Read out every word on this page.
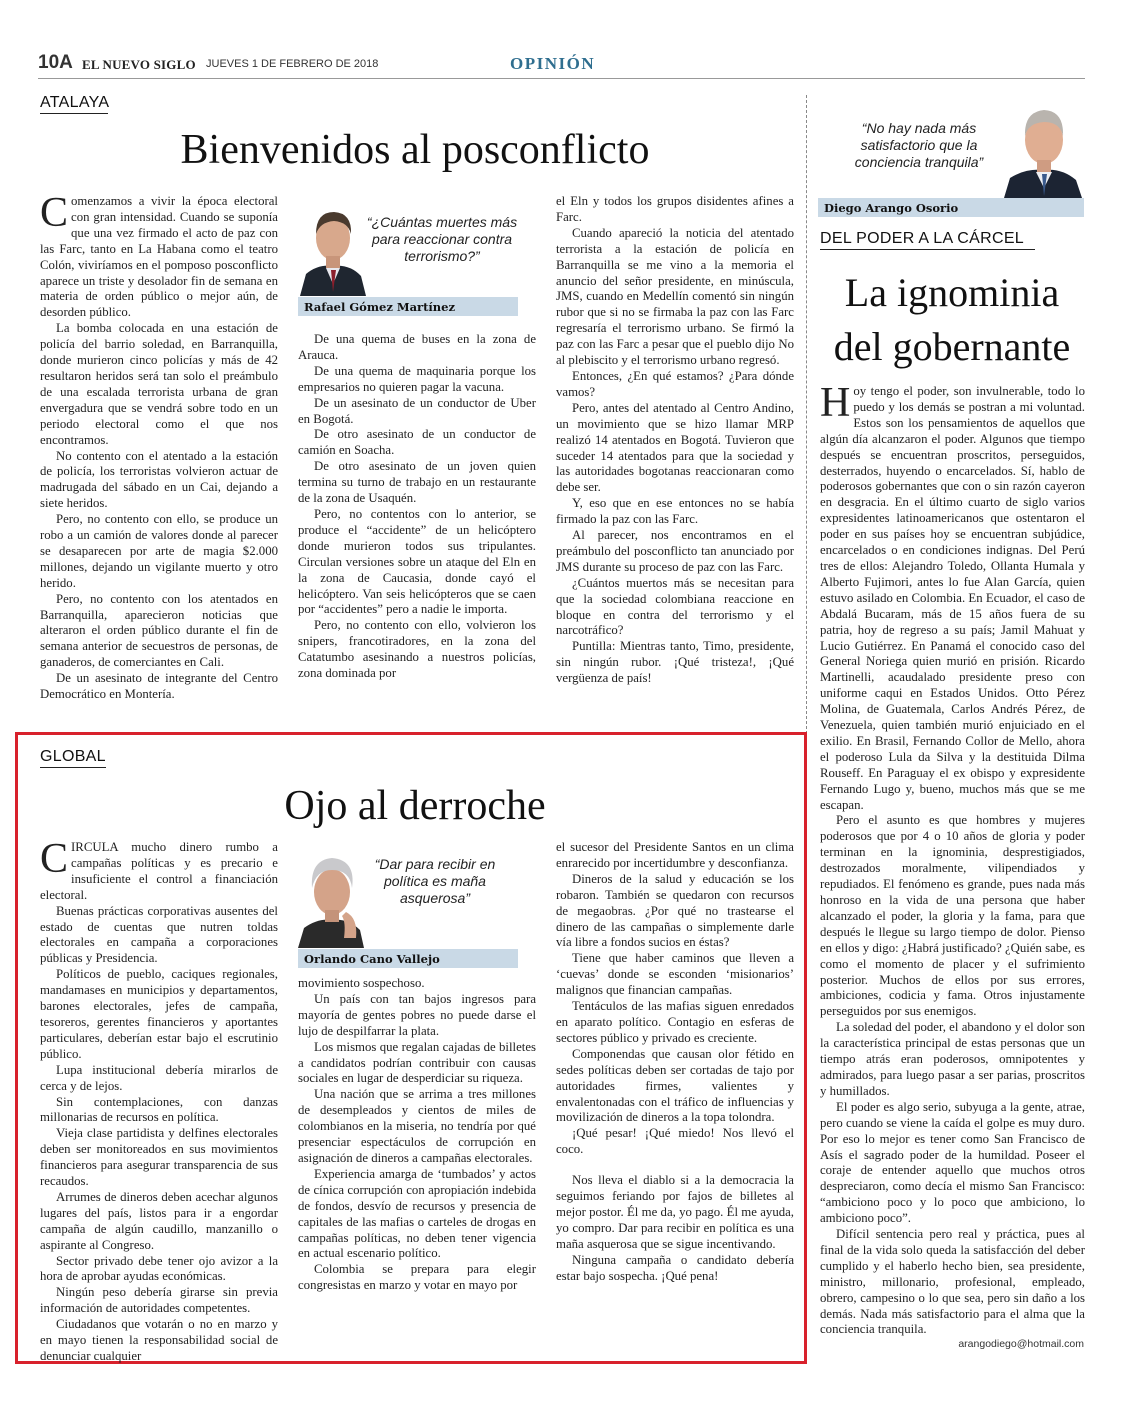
10A EL NUEVO SIGLO JUEVES 1 DE FEBRERO DE 2018	OPINIÓN
ATALAYA
Bienvenidos al posconflicto

Comenzamos a vivir la época electoral con gran intensidad. Cuando se suponía que una vez firmado el acto de paz con las Farc, tanto en La Habana como el teatro Colón, viviríamos en el pomposo posconflicto aparece un triste y desolador fin de semana en materia de orden público o mejor aún, de desorden público.

La bomba colocada en una estación de policía del barrio soledad, en Barranquilla, donde murieron cinco policías y más de 42 resultaron heridos será tan solo el preámbulo de una escalada terrorista urbana de gran envergadura que se vendrá sobre todo en un periodo electoral como el que nos encontramos.

No contento con el atentado a la estación de policía, los terroristas volvieron actuar de madrugada del sábado en un Cai, dejando a siete heridos.

Pero, no contento con ello, se produce un robo a un camión de valores donde al parecer se desaparecen por arte de magia $2.000 millones, dejando un vigilante muerto y otro herido.

Pero, no contento con los atentados en Barranquilla, aparecieron noticias que alteraron el orden público durante el fin de semana anterior de secuestros de personas, de ganaderos, de comerciantes en Cali.

De un asesinato de integrante del Centro Democrático en Montería.

“¿Cuántas muertes más para reaccionar contra terrorismo?”
Rafael Gómez Martínez

De una quema de buses en la zona de Arauca.

De una quema de maquinaria porque los empresarios no quieren pagar la vacuna.

De un asesinato de un conductor de Uber en Bogotá.

De otro asesinato de un conductor de camión en Soacha.

De otro asesinato de un joven quien termina su turno de trabajo en un restaurante de la zona de Usaquén.

Pero, no contentos con lo anterior, se produce el “accidente” de un helicóptero donde murieron todos sus tripulantes. Circulan versiones sobre un ataque del Eln en la zona de Caucasia, donde cayó el helicóptero. Van seis helicópteros que se caen por “accidentes” pero a nadie le importa.

Pero, no contento con ello, volvieron los snipers, francotiradores, en la zona del Catatumbo asesinando a nuestros policías, zona dominada por

el Eln y todos los grupos disidentes afines a Farc.

Cuando apareció la noticia del atentado terrorista a la estación de policía en Barranquilla se me vino a la memoria el anuncio del señor presidente, en minúscula, JMS, cuando en Medellín comentó sin ningún rubor que si no se firmaba la paz con las Farc regresaría el terrorismo urbano. Se firmó la paz con las Farc a pesar que el pueblo dijo No al plebiscito y el terrorismo urbano regresó.

Entonces, ¿En qué estamos? ¿Para dónde vamos?

Pero, antes del atentado al Centro Andino, un movimiento que se hizo llamar MRP realizó 14 atentados en Bogotá. Tuvieron que suceder 14 atentados para que la sociedad y las autoridades bogotanas reaccionaran como debe ser.

Y, eso que en ese entonces no se había firmado la paz con las Farc.

Al parecer, nos encontramos en el preámbulo del posconflicto tan anunciado por JMS durante su proceso de paz con las Farc.

¿Cuántos muertos más se necesitan para que la sociedad colombiana reaccione en bloque en contra del terrorismo y el narcotráfico?

Puntilla: Mientras tanto, Timo, presidente, sin ningún rubor. ¡Qué tristeza!, ¡Qué vergüenza de país!

GLOBAL
Ojo al derroche

CIRCULA mucho dinero rumbo a campañas políticas y es precario e insuficiente el control a financiación electoral.

Buenas prácticas corporativas ausentes del estado de cuentas que nutren toldas electorales en campaña a corporaciones públicas y Presidencia.

Políticos de pueblo, caciques regionales, mandamases en municipios y departamentos, barones electorales, jefes de campaña, tesoreros, gerentes financieros y aportantes particulares, deberían estar bajo el escrutinio público.

Lupa institucional debería mirarlos de cerca y de lejos.

Sin contemplaciones, con danzas millonarias de recursos en política.

Vieja clase partidista y delfines electorales deben ser monitoreados en sus movimientos financieros para asegurar transparencia de sus recaudos.

Arrumes de dineros deben acechar algunos lugares del país, listos para ir a engordar campaña de algún caudillo, manzanillo o aspirante al Congreso.

Sector privado debe tener ojo avizor a la hora de aprobar ayudas económicas.

Ningún peso debería girarse sin previa información de autoridades competentes.

Ciudadanos que votarán o no en marzo y en mayo tienen la responsabilidad social de denunciar cualquier

“Dar para recibir en política es maña asquerosa”
Orlando Cano Vallejo

movimiento sospechoso.

Un país con tan bajos ingresos para mayoría de gentes pobres no puede darse el lujo de despilfarrar la plata.

Los mismos que regalan cajadas de billetes a candidatos podrían contribuir con causas sociales en lugar de desperdiciar su riqueza.

Una nación que se arrima a tres millones de desempleados y cientos de miles de colombianos en la miseria, no tendría por qué presenciar espectáculos de corrupción en asignación de dineros a campañas electorales.

Experiencia amarga de ‘tumbados’ y actos de cínica corrupción con apropiación indebida de fondos, desvío de recursos y presencia de capitales de las mafias o carteles de drogas en campañas políticas, no deben tener vigencia en actual escenario político.

Colombia se prepara para elegir congresistas en marzo y votar en mayo por

el sucesor del Presidente Santos en un clima enrarecido por incertidumbre y desconfianza.

Dineros de la salud y educación se los robaron. También se quedaron con recursos de megaobras. ¿Por qué no trastearse el dinero de las campañas o simplemente darle vía libre a fondos sucios en éstas?

Tiene que haber caminos que lleven a ‘cuevas’ donde se esconden ‘misionarios’ malignos que financian campañas.

Tentáculos de las mafias siguen enredados en aparato político. Contagio en esferas de sectores público y privado es creciente.

Componendas que causan olor fétido en sedes políticas deben ser cortadas de tajo por autoridades firmes, valientes y envalentonadas con el tráfico de influencias y movilización de dineros a la topa tolondra.

¡Qué pesar! ¡Qué miedo! Nos llevó el coco.

Nos lleva el diablo si a la democracia la seguimos feriando por fajos de billetes al mejor postor. Él me da, yo pago. Él me ayuda, yo compro. Dar para recibir en política es una maña asquerosa que se sigue incentivando.

Ninguna campaña o candidato debería estar bajo sospecha. ¡Qué pena!

“No hay nada más satisfactorio que la conciencia tranquila”
Diego Arango Osorio
DEL PODER A LA CÁRCEL
La ignominia
del gobernante

Hoy tengo el poder, son invulnerable, todo lo puedo y los demás se postran a mi voluntad. Estos son los pensamientos de aquellos que algún día alcanzaron el poder. Algunos que tiempo después se encuentran proscritos, perseguidos, desterrados, huyendo o encarcelados. Sí, hablo de poderosos gobernantes que con o sin razón cayeron en desgracia. En el último cuarto de siglo varios expresidentes latinoamericanos que ostentaron el poder en sus países hoy se encuentran subjúdice, encarcelados o en condiciones indignas. Del Perú tres de ellos: Alejandro Toledo, Ollanta Humala y Alberto Fujimori, antes lo fue Alan García, quien estuvo asilado en Colombia. En Ecuador, el caso de Abdalá Bucaram, más de 15 años fuera de su patria, hoy de regreso a su país; Jamil Mahuat y Lucio Gutiérrez. En Panamá el conocido caso del General Noriega quien murió en prisión. Ricardo Martinelli, acaudalado presidente preso con uniforme caqui en Estados Unidos. Otto Pérez Molina, de Guatemala, Carlos Andrés Pérez, de Venezuela, quien también murió enjuiciado en el exilio. En Brasil, Fernando Collor de Mello, ahora el poderoso Lula da Silva y la destituida Dilma Rouseff. En Paraguay el ex obispo y expresidente Fernando Lugo y, bueno, muchos más que se me escapan.

Pero el asunto es que hombres y mujeres poderosos que por 4 o 10 años de gloria y poder terminan en la ignominia, desprestigiados, destrozados moralmente, vilipendiados y repudiados. El fenómeno es grande, pues nada más honroso en la vida de una persona que haber alcanzado el poder, la gloria y la fama, para que después le llegue su largo tiempo de dolor. Pienso en ellos y digo: ¿Habrá justificado? ¿Quién sabe, es como el momento de placer y el sufrimiento posterior. Muchos de ellos por sus errores, ambiciones, codicia y fama. Otros injustamente perseguidos por sus enemigos.

La soledad del poder, el abandono y el dolor son la característica principal de estas personas que un tiempo atrás eran poderosos, omnipotentes y admirados, para luego pasar a ser parias, proscritos y humillados.

El poder es algo serio, subyuga a la gente, atrae, pero cuando se viene la caída el golpe es muy duro. Por eso lo mejor es tener como San Francisco de Asís el sagrado poder de la humildad. Poseer el coraje de entender aquello que muchos otros despreciaron, como decía el mismo San Francisco: “ambiciono poco y lo poco que ambiciono, lo ambiciono poco”.

Difícil sentencia pero real y práctica, pues al final de la vida solo queda la satisfacción del deber cumplido y el haberlo hecho bien, sea presidente, ministro, millonario, profesional, empleado, obrero, campesino o lo que sea, pero sin daño a los demás. Nada más satisfactorio para el alma que la conciencia tranquila.

arangodiego@hotmail.com
